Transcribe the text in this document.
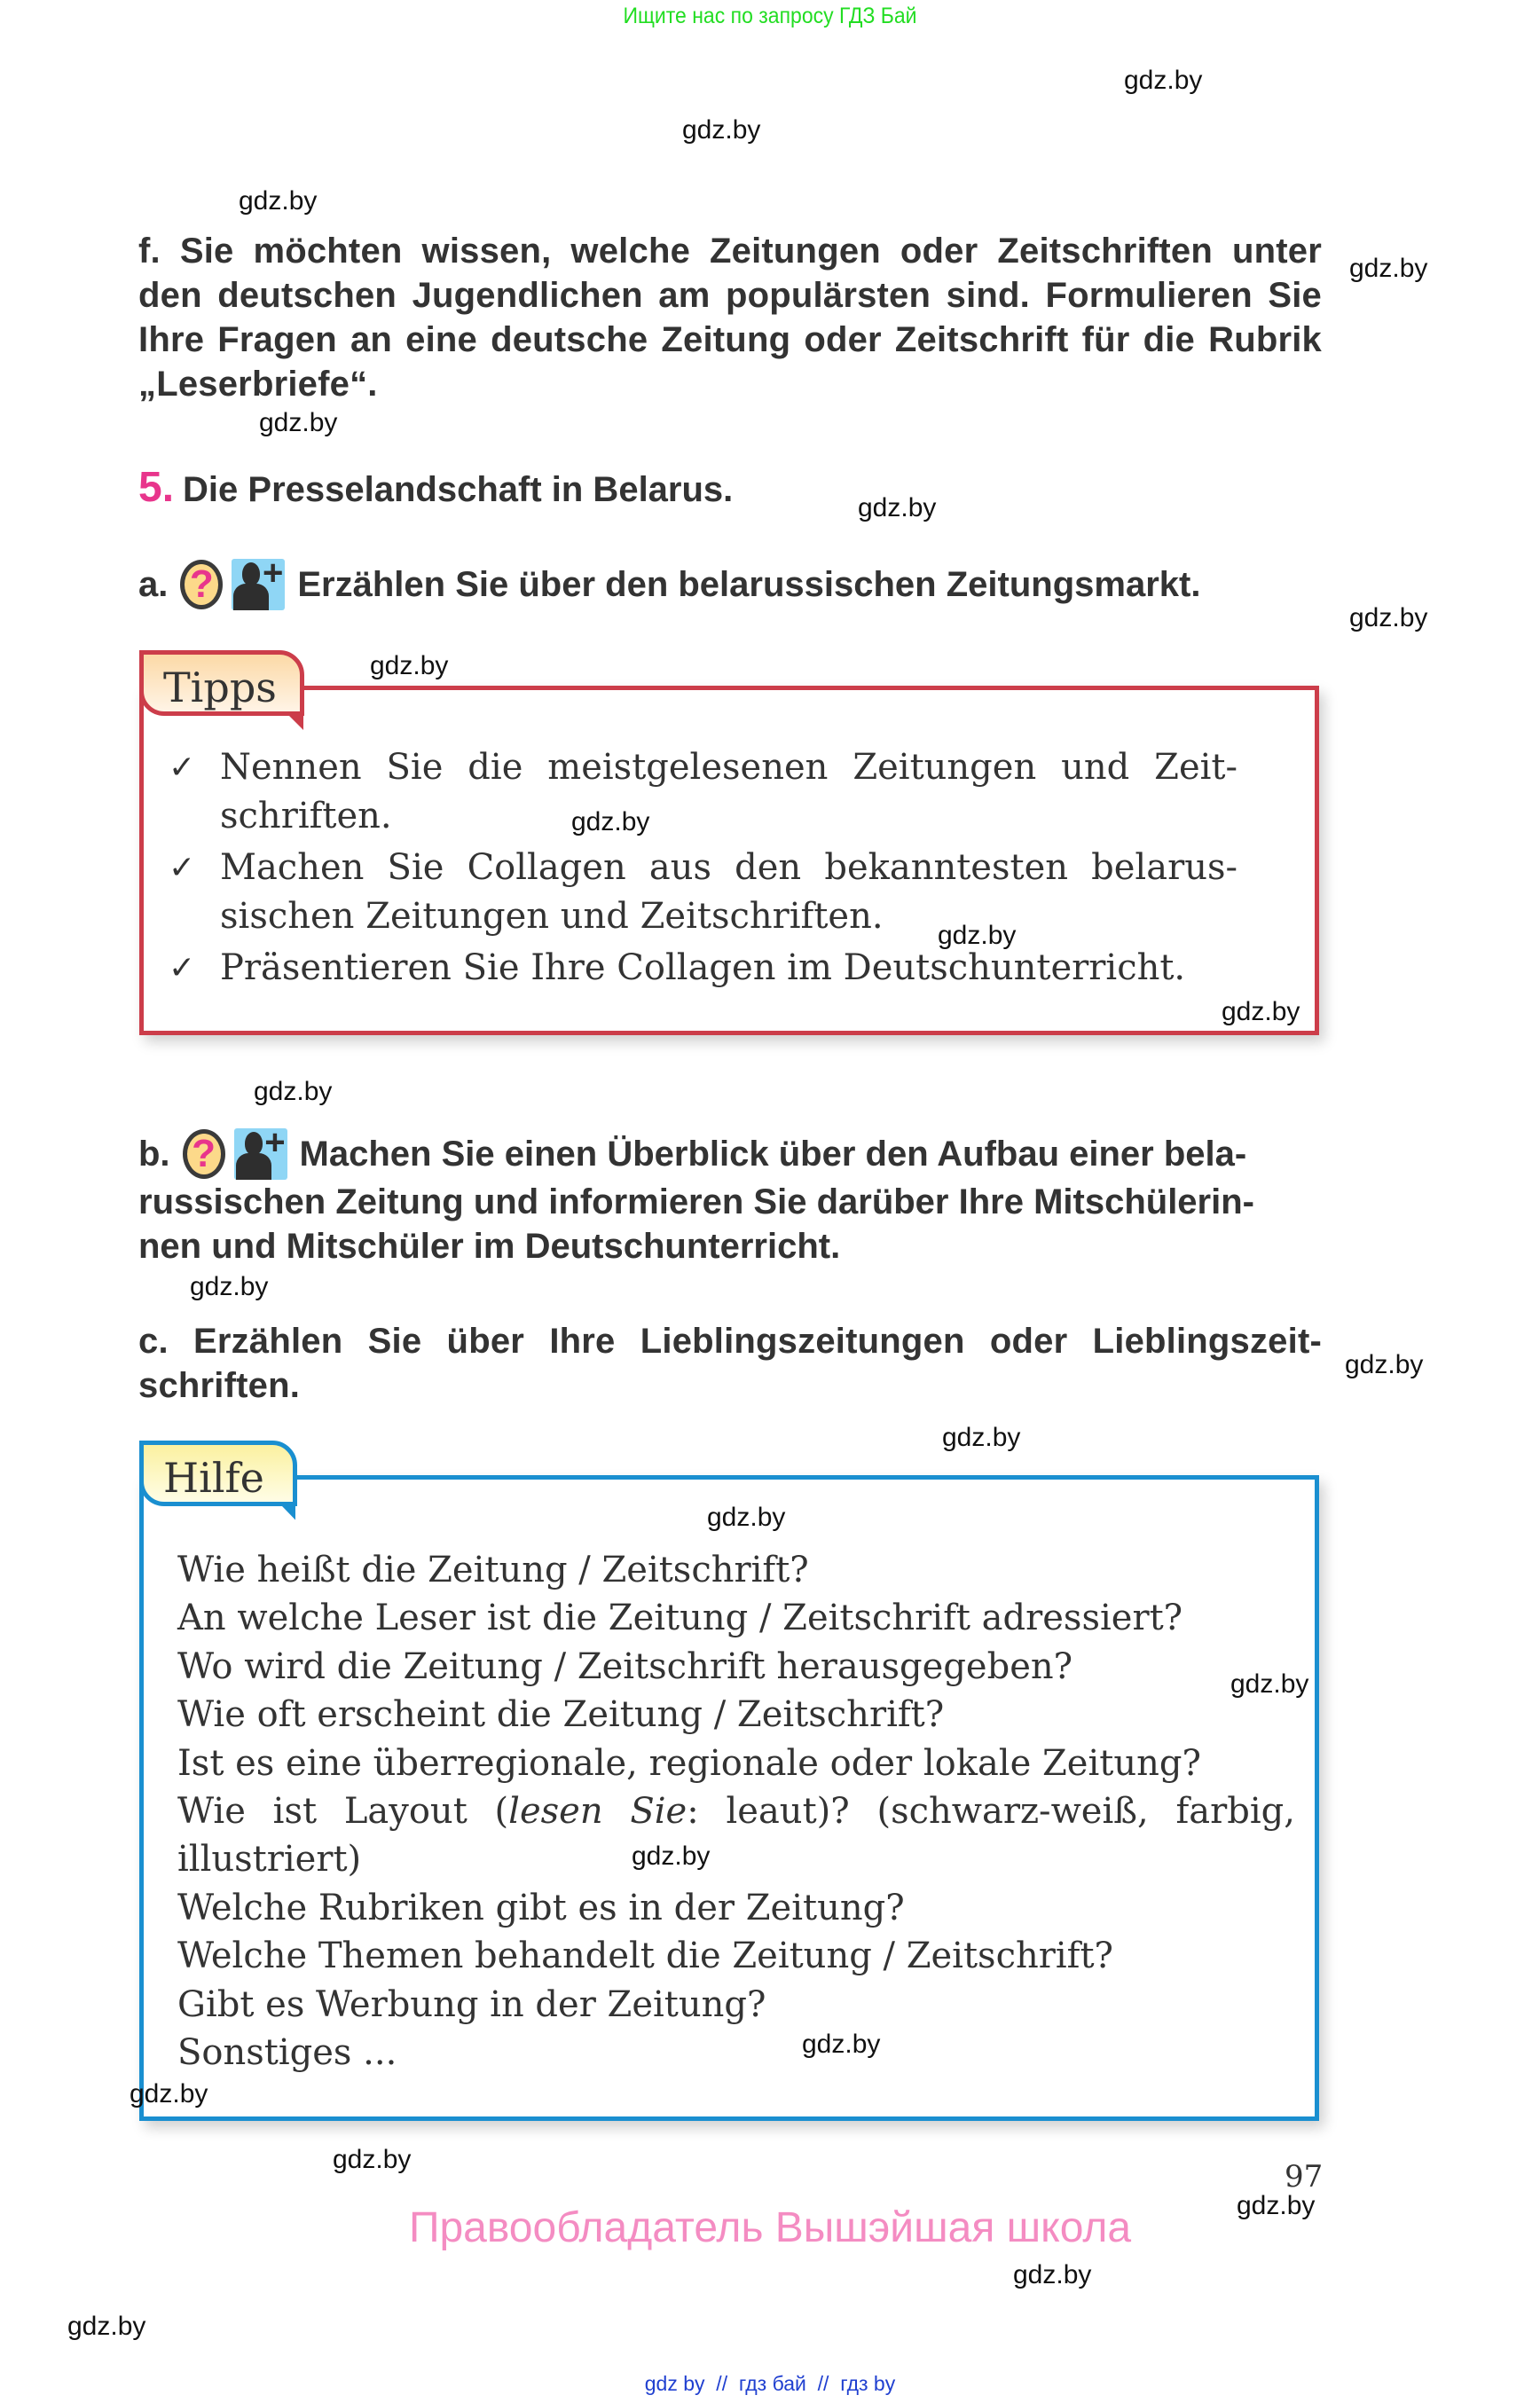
Ищите нас по запросу ГДЗ Бай
f. Sie möchten wissen, welche Zeitungen oder Zeitschriften unter
den deutschen Jugendlichen am populärsten sind. Formulieren Sie
Ihre Fragen an eine deutsche Zeitung oder Zeitschrift für die Rubrik
„Leserbriefe“.
5. Die Presselandschaft in Belarus.
a. ? + Erzählen Sie über den belarussischen Zeitungsmarkt.
Tipps
✓ Nennen Sie die meistgelesenen Zeitungen und Zeitschriften.
✓ Machen Sie Collagen aus den bekanntesten belarussischen Zeitungen und Zeitschriften.
✓ Präsentieren Sie Ihre Collagen im Deutschunterricht.
b. ? + Machen Sie einen Überblick über den Aufbau einer bela-
russischen Zeitung und informieren Sie darüber Ihre Mitschülerin-
nen und Mitschüler im Deutschunterricht.
c. Erzählen Sie über Ihre Lieblingszeitungen oder Lieblingszeit-
schriften.
Hilfe
Wie heißt die Zeitung / Zeitschrift?
An welche Leser ist die Zeitung / Zeitschrift adressiert?
Wo wird die Zeitung / Zeitschrift herausgegeben?
Wie oft erscheint die Zeitung / Zeitschrift?
Ist es eine überregionale, regionale oder lokale Zeitung?
Wie ist Layout (lesen Sie: leaut)? (schwarz-weiß, farbig, illustriert)
Welche Rubriken gibt es in der Zeitung?
Welche Themen behandelt die Zeitung / Zeitschrift?
Gibt es Werbung in der Zeitung?
Sonstiges ...
97
Правообладатель Вышэйшая школа
gdz by  //  гдз бай  //  гдз by
gdz.by
gdz.by
gdz.by
gdz.by
gdz.by
gdz.by
gdz.by
gdz.by
gdz.by
gdz.by
gdz.by
gdz.by
gdz.by
gdz.by
gdz.by
gdz.by
gdz.by
gdz.by
gdz.by
gdz.by
gdz.by
gdz.by
gdz.by
gdz.by
